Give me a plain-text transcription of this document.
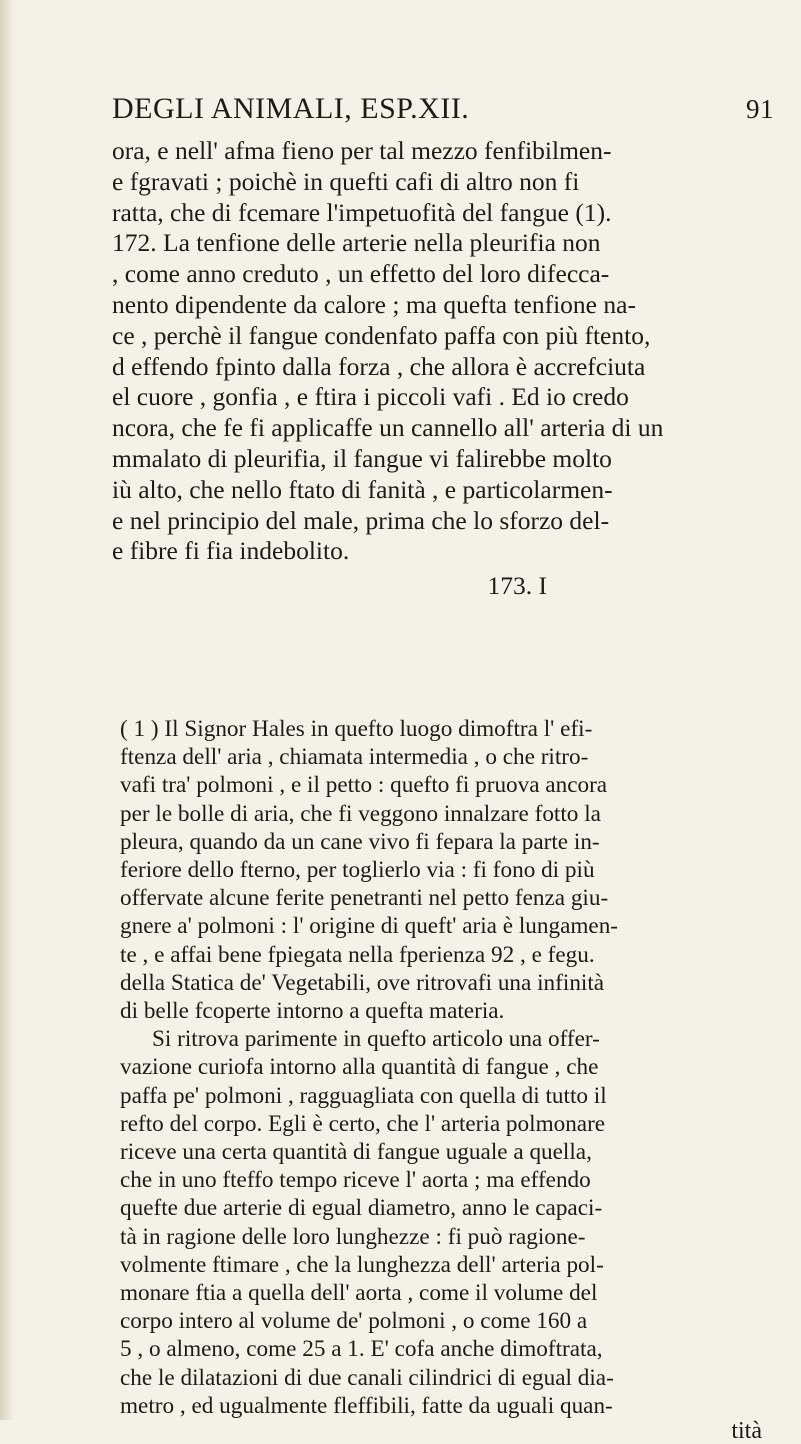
DEGLI ANIMALI, ESP.XII.	91
ora, e nell' afma fieno per tal mezzo fenfibilmen-
e fgravati ; poichè in quefti cafi di altro non fi
ratta, che di fcemare l'impetuofità del fangue (1).
172. La tenfione delle arterie nella pleurifia non
, come anno creduto , un effetto del loro difecca-
nento dipendente da calore ; ma quefta tenfione na-
ce , perchè il fangue condenfato paffa con più ftento,
d effendo fpinto dalla forza , che allora è accrefciuta
el cuore , gonfia , e ftira i piccoli vafi . Ed io credo
ncora, che fe fi applicaffe un cannello all' arteria di un
mmalato di pleurifia, il fangue vi falirebbe molto
iù alto, che nello ftato di fanità , e particolarmen-
e nel principio del male, prima che lo sforzo del-
e fibre fi fia indebolito.
173. I
( 1 ) Il Signor Hales in quefto luogo dimoftra l' efi-
ftenza dell' aria , chiamata intermedia , o che ritro-
vafi tra' polmoni , e il petto : quefto fi pruova ancora
per le bolle di aria, che fi veggono innalzare fotto la
pleura, quando da un cane vivo fi fepara la parte in-
feriore dello fterno, per toglierlo via : fi fono di più
offervate alcune ferite penetranti nel petto fenza giu-
gnere a' polmoni : l' origine di queft' aria è lungamen-
te , e affai bene fpiegata nella fperienza 92 , e fegu.
della Statica de' Vegetabili, ove ritrovafi una infinità
di belle fcoperte intorno a quefta materia.
Si ritrova parimente in quefto articolo una offer-
vazione curiofa intorno alla quantità di fangue , che
paffa pe' polmoni , ragguagliata con quella di tutto il
refto del corpo. Egli è certo, che l' arteria polmonare
riceve una certa quantità di fangue uguale a quella,
che in uno fteffo tempo riceve l' aorta ; ma effendo
quefte due arterie di egual diametro, anno le capaci-
tà in ragione delle loro lunghezze : fi può ragione-
volmente ftimare , che la lunghezza dell' arteria pol-
monare ftia a quella dell' aorta , come il volume del
corpo intero al volume de' polmoni , o come 160 a
5 , o almeno, come 25 a 1. E' cofa anche dimoftrata,
che le dilatazioni di due canali cilindrici di egual dia-
metro , ed ugualmente fleffibili, fatte da uguali quan-
tità
